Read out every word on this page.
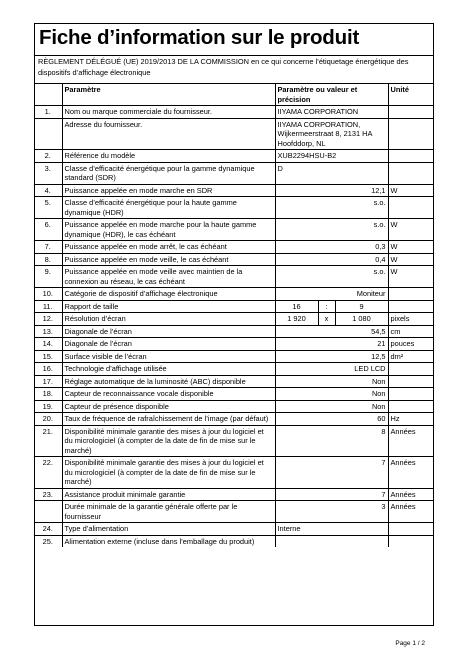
Fiche d’information sur le produit
RÈGLEMENT DÉLÉGUÉ (UE) 2019/2013 DE LA COMMISSION en ce qui concerne l’étiquetage énergétique des dispositifs d’affichage électronique
	Paramètre	Paramètre ou valeur et précision	Unité
1.	Nom ou marque commerciale du fournisseur.	IIYAMA CORPORATION	
	Adresse du fournisseur.	IIYAMA CORPORATION, Wijkermeerstraat 8, 2131 HA Hoofddorp, NL	
2.	Référence du modèle	XUB2294HSU-B2	
3.	Classe d’efficacité énergétique pour la gamme dynamique standard (SDR)	D	
4.	Puissance appelée en mode marche en SDR	12,1	W
5.	Classe d’efficacité énergétique pour la haute gamme dynamique (HDR)	s.o.	
6.	Puissance appelée en mode marche pour la haute gamme dynamique (HDR), le cas échéant	s.o.	W
7.	Puissance appelée en mode arrêt, le cas échéant	0,3	W
8.	Puissance appelée en mode veille, le cas échéant	0,4	W
9.	Puissance appelée en mode veille avec maintien de la connexion au réseau, le cas échéant	s.o.	W
10.	Catégorie de dispositif d’affichage électronique	Moniteur	
11.	Rapport de taille	16 : 9	

12.	Résolution d’écran	1 920 x 1 080	pixels
13.	Diagonale de l’écran	54,5	cm
14.	Diagonale de l’écran	21	pouces
15.	Surface visible de l’écran	12,5	dm²
16.	Technologie d’affichage utilisée	LED LCD	
17.	Réglage automatique de la luminosité (ABC) disponible	Non	
18.	Capteur de reconnaissance vocale disponible	Non	
19.	Capteur de présence disponible	Non	
20.	Taux de fréquence de rafraîchissement de l’image (par défaut)	60	Hz
21.	Disponibilité minimale garantie des mises à jour du logiciel et du micrologiciel (à compter de la date de fin de mise sur le marché)	8	Années
22.	Disponibilité minimale garantie des mises à jour du logiciel et du micrologiciel (à compter de la date de fin de mise sur le marché)	7	Années
23.	Assistance produit minimale garantie	7	Années
	Durée minimale de la garantie générale offerte par le fournisseur	3	Années
24.	Type d’alimentation	Interne	
25.	Alimentation externe (incluse dans l’emballage du produit)		
Page 1 / 2
